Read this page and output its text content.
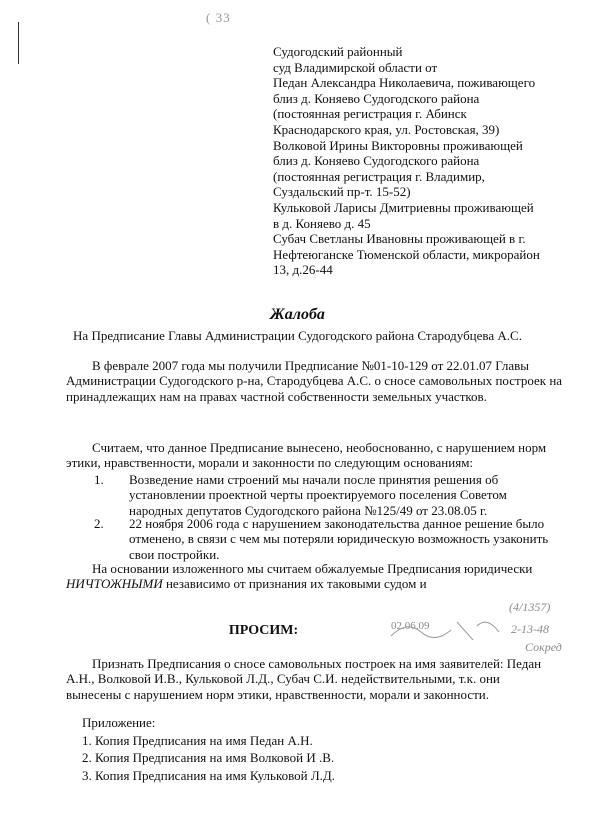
( 33
Судогодский районный
суд Владимирской области от
Педан Александра Николаевича, поживающего
близ д. Коняево Судогодского района
(постоянная регистрация г. Абинск
Краснодарского края, ул. Ростовская, 39)
Волковой Ирины Викторовны проживающей
близ д. Коняево Судогодского района
(постоянная регистрация г. Владимир,
Суздальский пр-т. 15-52)
Кульковой Ларисы Дмитриевны проживающей
в д. Коняево д. 45
Субач Светланы Ивановны проживающей в г.
Нефтеюганске Тюменской области, микрорайон
13, д.26-44
Жалоба
На Предписание Главы Администрации Судогодского района Стародубцева А.С.
В феврале 2007 года мы получили Предписание №01-10-129 от 22.01.07 Главы Администрации Судогодского р-на, Стародубцева А.С. о сносе самовольных построек на принадлежащих нам на правах частной собственности земельных участков.
Считаем, что данное Предписание вынесено, необоснованно, с нарушением норм этики, нравственности, морали и законности по следующим основаниям:
1. Возведение нами строений мы начали после принятия решения об установлении проектной черты проектируемого поселения Советом народных депутатов Судогодского района №125/49 от 23.08.05 г.
2. 22 ноября 2006 года с нарушением законодательства данное решение было отменено, в связи с чем мы потеряли юридическую возможность узаконить свои постройки.
На основании изложенного мы считаем обжалуемые Предписания юридически НИЧТОЖНЫМИ независимо от признания их таковыми судом и
(4/1357)
02.06.09	2-13-48
Сокред
ПРОСИМ:
Признать Предписания о сносе самовольных построек на имя заявителей: Педан А.Н., Волковой И.В., Кульковой Л.Д., Субач С.И. недействительными, т.к. они вынесены с нарушением норм этики, нравственности, морали и законности.
Приложение:
1. Копия Предписания на имя Педан А.Н.
2. Копия Предписания на имя Волковой И .В.
3. Копия Предписания на имя Кульковой Л.Д.
